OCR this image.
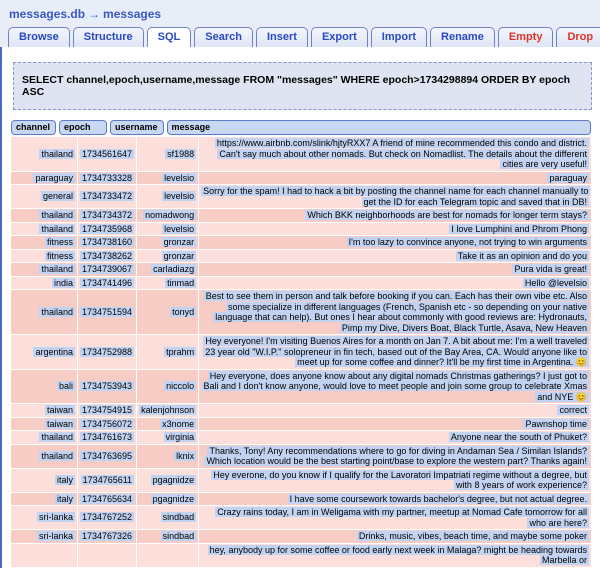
messages.db → messages
Browse	Structure	SQL	Search	Insert	Export	Import	Rename	Empty	Drop
SELECT channel,epoch,username,message FROM "messages" WHERE epoch>1734298894 ORDER BY epoch ASC
channel epoch username message			

thailand	1734561647	sf1988	https://www.airbnb.com/slink/hjtyRXX7 A friend of mine recommended this condo and district. Can't say much about other nomads. But check on Nomadlist. The details about the different cities are very useful!
paraguay	1734733328	levelsio	paraguay
general	1734733472	levelsio	Sorry for the spam! I had to hack a bit by posting the channel name for each channel manually to get the ID for each Telegram topic and saved that in DB!
thailand	1734734372	nomadwong	Which BKK neighborhoods are best for nomads for longer term stays?
thailand	1734735968	levelsio	I love Lumphini and Phrom Phong
fitness	1734738160	gronzar	I'm too lazy to convince anyone, not trying to win arguments
fitness	1734738262	gronzar	Take it as an opinion and do you
thailand	1734739067	carladiazg	Pura vida is great!
india	1734741496	tinmad	Hello @levelsio
thailand	1734751594	tonyd	Best to see them in person and talk before booking if you can. Each has their own vibe etc. Also some specialize in different languages (French, Spanish etc - so depending on your native language that can help). But ones I hear about commonly with good reviews are: Hydronauts, Pimp my Dive, Divers Boat, Black Turtle, Asava, New Heaven
argentina	1734752988	tprahm	Hey everyone! I'm visiting Buenos Aires for a month on Jan 7. A bit about me: I'm a well traveled 23 year old "W.I.P." solopreneur in fin tech, based out of the Bay Area, CA. Would anyone like to meet up for some coffee and dinner? It'll be my first time in Argentina. 😊
bali	1734753943	niccolo	Hey everyone, does anyone know about any digital nomads Christmas gatherings? I just got to Bali and I don't know anyone, would love to meet people and join some group to celebrate Xmas and NYE 😊
taiwan	1734754915	kalenjohnson	correct
taiwan	1734756072	x3nome	Pawnshop time
thailand	1734761673	virginia	Anyone near the south of Phuket?
thailand	1734763695	lknix	Thanks, Tony! Any recommendations where to go for diving in Andaman Sea / Similan Islands? Which location would be the best starting point/base to explore the western part? Thanks again!
italy	1734765611	pgagnidze	Hey everone, do you know if I qualify for the Lavoratori Impatriati regime without a degree, but with 8 years of work experience?
italy	1734765634	pgagnidze	I have some coursework towards bachelor's degree, but not actual degree.
sri-lanka	1734767252	sindbad	Crazy rains today, I am in Weligama with my partner, meetup at Nomad Cafe tomorrow for all who are here?
sri-lanka	1734767326	sindbad	Drinks, music, vibes, beach time, and maybe some poker
			hey, anybody up for some coffee or food early next week in Malaga? might be heading towards Marbella or
